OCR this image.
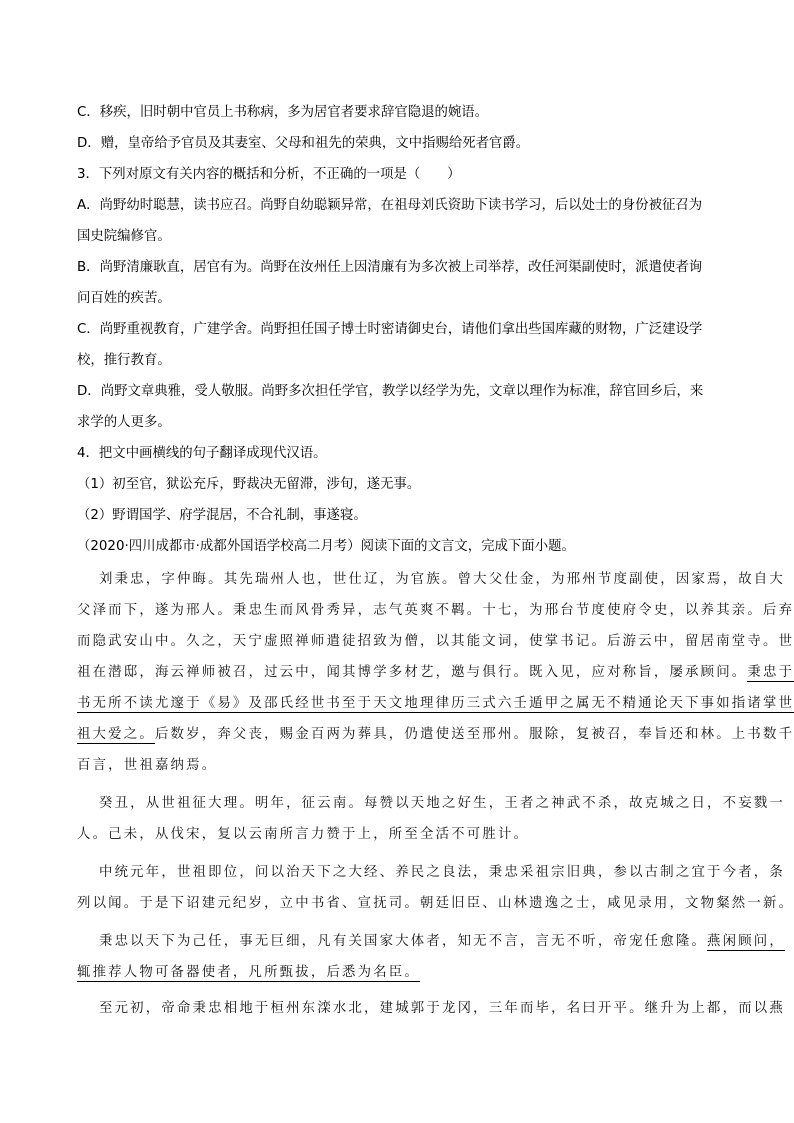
C．移疾，旧时朝中官员上书称病，多为居官者要求辞官隐退的婉语。
D．赠，皇帝给予官员及其妻室、父母和祖先的荣典，文中指赐给死者官爵。
3．下列对原文有关内容的概括和分析，不正确的一项是（　　）
A．尚野幼时聪慧，读书应召。尚野自幼聪颖异常，在祖母刘氏资助下读书学习，后以处士的身份被征召为
国史院编修官。
B．尚野清廉耿直，居官有为。尚野在汝州任上因清廉有为多次被上司举荐，改任河渠副使时，派遣使者询
问百姓的疾苦。
C．尚野重视教育，广建学舍。尚野担任国子博士时密请御史台，请他们拿出些国库藏的财物，广泛建设学
校，推行教育。
D．尚野文章典雅，受人敬服。尚野多次担任学官，教学以经学为先，文章以理作为标准，辞官回乡后，来
求学的人更多。
4．把文中画横线的句子翻译成现代汉语。
（1）初至官，狱讼充斥，野裁决无留滞，涉旬，遂无事。
（2）野谓国学、府学混居，不合礼制，事遂寝。
（2020·四川成都市·成都外国语学校高二月考）阅读下面的文言文，完成下面小题。
刘秉忠，字仲晦。其先瑞州人也，世仕辽，为官族。曾大父仕金，为邢州节度副使，因家焉，故自大
父泽而下，遂为邢人。秉忠生而风骨秀异，志气英爽不羁。十七，为邢台节度使府令史，以养其亲。后弃
而隐武安山中。久之，天宁虚照禅师遣徒招致为僧，以其能文词，使掌书记。后游云中，留居南堂寺。世
祖在潜邸，海云禅师被召，过云中，闻其博学多材艺，邀与俱行。既入见，应对称旨，屡承顾问。秉忠于
书无所不读尤邃于《易》及邵氏经世书至于天文地理律历三式六壬遁甲之属无不精通论天下事如指诸掌世
祖大爱之。后数岁，奔父丧，赐金百两为葬具，仍遣使送至邢州。服除，复被召，奉旨还和林。上书数千
百言，世祖嘉纳焉。
癸丑，从世祖征大理。明年，征云南。每赞以天地之好生，王者之神武不杀，故克城之日，不妄戮一
人。己未，从伐宋，复以云南所言力赞于上，所至全活不可胜计。
中统元年，世祖即位，问以治天下之大经、养民之良法，秉忠采祖宗旧典，参以古制之宜于今者，条
列以闻。于是下诏建元纪岁，立中书省、宣抚司。朝廷旧臣、山林遗逸之士，咸见录用，文物粲然一新。
秉忠以天下为己任，事无巨细，凡有关国家大体者，知无不言，言无不听，帝宠任愈隆。燕闲顾问，
辄推荐人物可备器使者，凡所甄拔，后悉为名臣。
至元初，帝命秉忠相地于桓州东滦水北，建城郭于龙冈，三年而毕，名曰开平。继升为上都，而以燕
